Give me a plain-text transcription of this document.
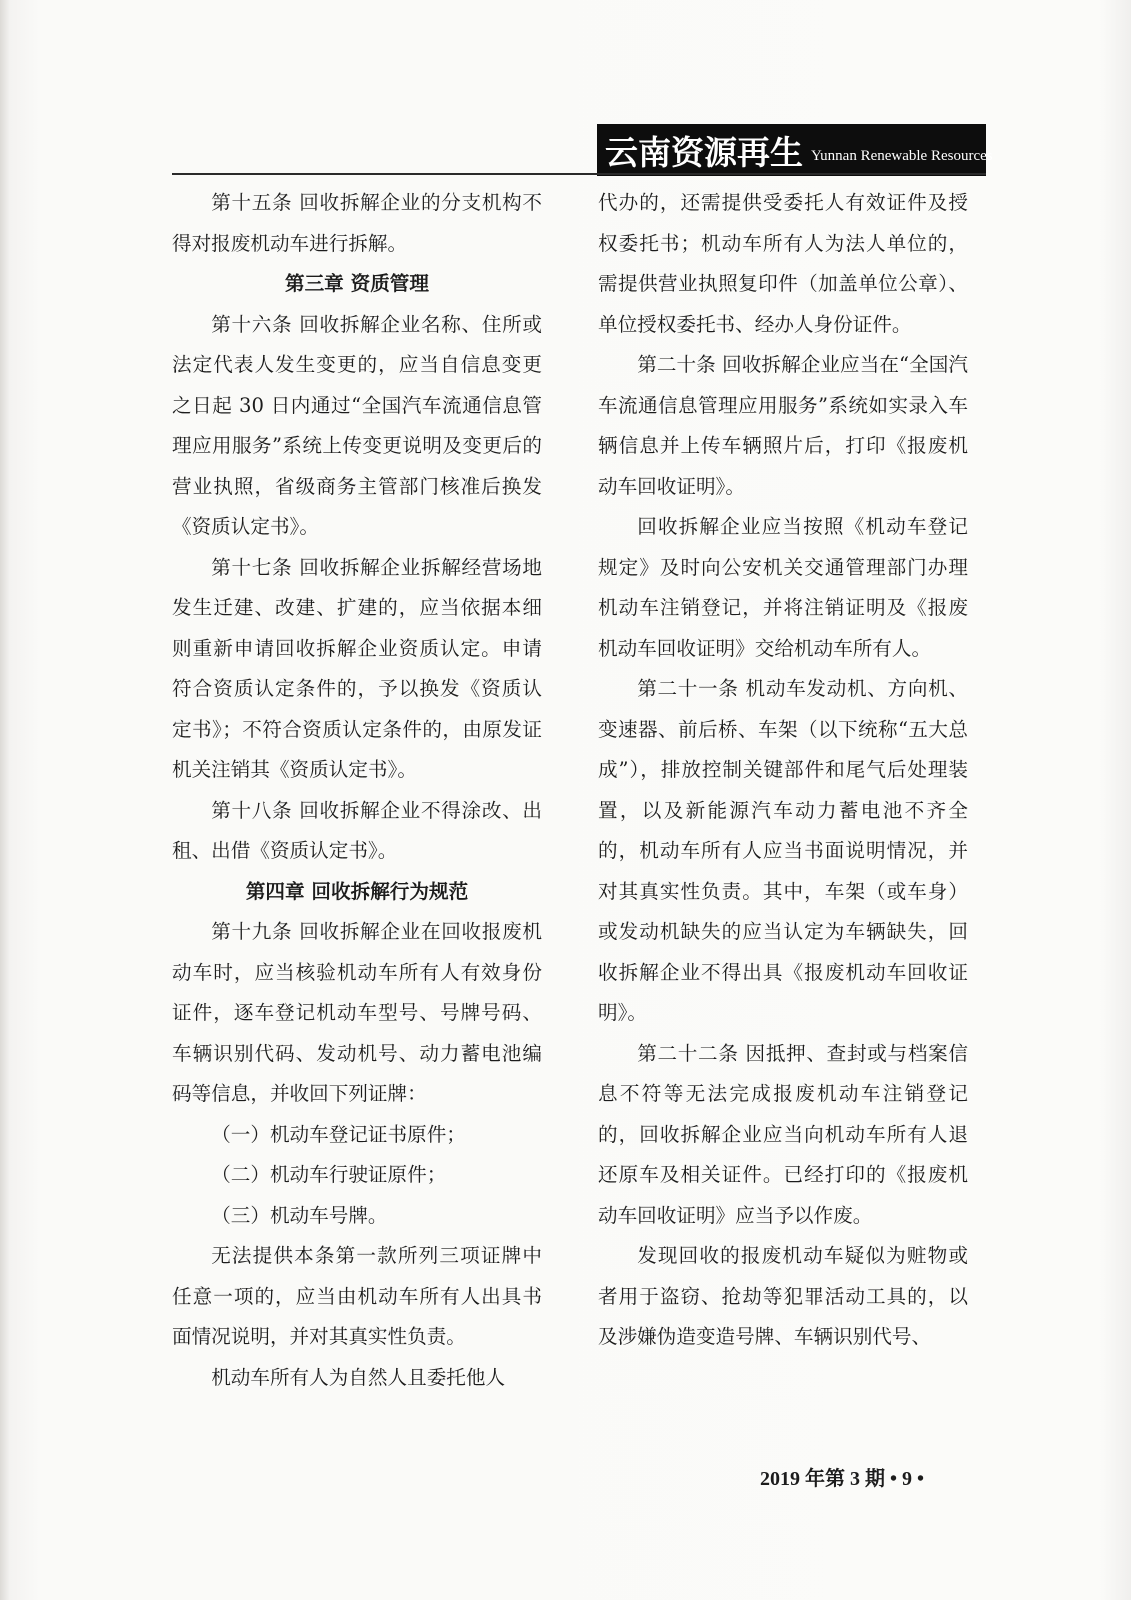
云南资源再生 Yunnan Renewable Resources

第十五条 回收拆解企业的分支机构不得对报废机动车进行拆解。

第三章 资质管理

第十六条 回收拆解企业名称、住所或法定代表人发生变更的，应当自信息变更之日起 30 日内通过“全国汽车流通信息管理应用服务”系统上传变更说明及变更后的营业执照，省级商务主管部门核准后换发《资质认定书》。

第十七条 回收拆解企业拆解经营场地发生迁建、改建、扩建的，应当依据本细则重新申请回收拆解企业资质认定。申请符合资质认定条件的，予以换发《资质认定书》；不符合资质认定条件的，由原发证机关注销其《资质认定书》。

第十八条 回收拆解企业不得涂改、出租、出借《资质认定书》。

第四章 回收拆解行为规范

第十九条 回收拆解企业在回收报废机动车时，应当核验机动车所有人有效身份证件，逐车登记机动车型号、号牌号码、车辆识别代码、发动机号、动力蓄电池编码等信息，并收回下列证牌：

（一）机动车登记证书原件；

（二）机动车行驶证原件；

（三）机动车号牌。

无法提供本条第一款所列三项证牌中任意一项的，应当由机动车所有人出具书面情况说明，并对其真实性负责。

机动车所有人为自然人且委托他人

代办的，还需提供受委托人有效证件及授权委托书；机动车所有人为法人单位的，需提供营业执照复印件（加盖单位公章）、单位授权委托书、经办人身份证件。

第二十条 回收拆解企业应当在“全国汽车流通信息管理应用服务”系统如实录入车辆信息并上传车辆照片后，打印《报废机动车回收证明》。

回收拆解企业应当按照《机动车登记规定》及时向公安机关交通管理部门办理机动车注销登记，并将注销证明及《报废机动车回收证明》交给机动车所有人。

第二十一条 机动车发动机、方向机、变速器、前后桥、车架（以下统称“五大总成”），排放控制关键部件和尾气后处理装置，以及新能源汽车动力蓄电池不齐全的，机动车所有人应当书面说明情况，并对其真实性负责。其中，车架（或车身）或发动机缺失的应当认定为车辆缺失，回收拆解企业不得出具《报废机动车回收证明》。

第二十二条 因抵押、查封或与档案信息不符等无法完成报废机动车注销登记的，回收拆解企业应当向机动车所有人退还原车及相关证件。已经打印的《报废机动车回收证明》应当予以作废。

发现回收的报废机动车疑似为赃物或者用于盗窃、抢劫等犯罪活动工具的，以及涉嫌伪造变造号牌、车辆识别代号、

2019 年第 3 期 • 9 •
